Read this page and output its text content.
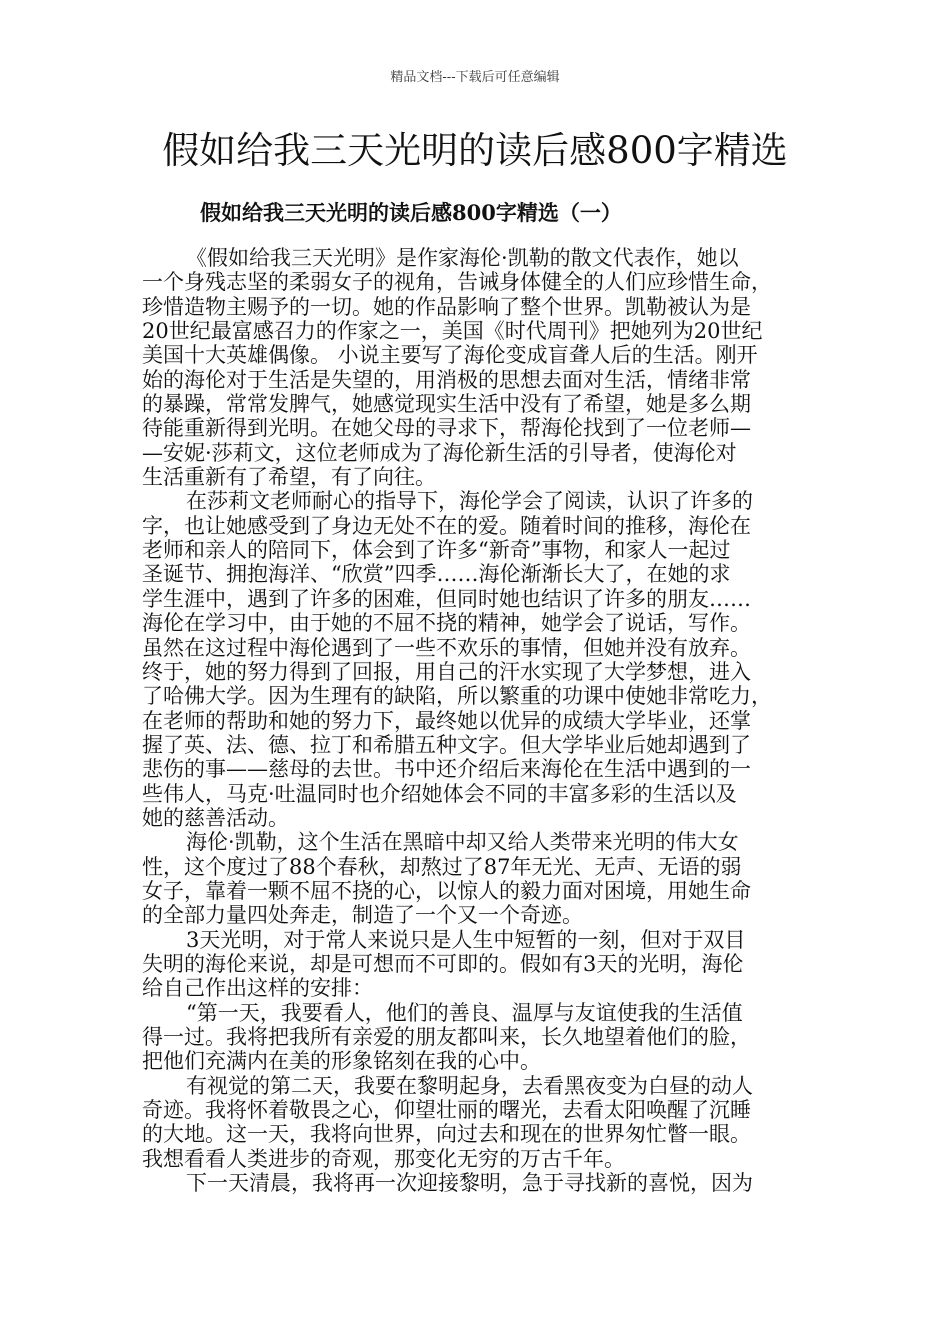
精品文档---下载后可任意编辑
假如给我三天光明的读后感800字精选
假如给我三天光明的读后感800字精选（一）

《假如给我三天光明》是作家海伦·凯勒的散文代表作，她以
一个身残志坚的柔弱女子的视角，告诫身体健全的人们应珍惜生命，
珍惜造物主赐予的一切。她的作品影响了整个世界。凯勒被认为是
20世纪最富感召力的作家之一，美国《时代周刊》把她列为20世纪
美国十大英雄偶像。 小说主要写了海伦变成盲聋人后的生活。刚开
始的海伦对于生活是失望的，用消极的思想去面对生活，情绪非常
的暴躁，常常发脾气，她感觉现实生活中没有了希望，她是多么期
待能重新得到光明。在她父母的寻求下，帮海伦找到了一位老师—
—安妮·莎莉文，这位老师成为了海伦新生活的引导者，使海伦对
生活重新有了希望，有了向往。

在莎莉文老师耐心的指导下，海伦学会了阅读，认识了许多的
字，也让她感受到了身边无处不在的爱。随着时间的推移，海伦在
老师和亲人的陪同下，体会到了许多“新奇”事物，和家人一起过
圣诞节、拥抱海洋、“欣赏”四季……海伦渐渐长大了，在她的求
学生涯中，遇到了许多的困难，但同时她也结识了许多的朋友……
海伦在学习中，由于她的不屈不挠的精神，她学会了说话，写作。
虽然在这过程中海伦遇到了一些不欢乐的事情，但她并没有放弃。
终于，她的努力得到了回报，用自己的汗水实现了大学梦想，进入
了哈佛大学。因为生理有的缺陷，所以繁重的功课中使她非常吃力，
在老师的帮助和她的努力下，最终她以优异的成绩大学毕业，还掌
握了英、法、德、拉丁和希腊五种文字。但大学毕业后她却遇到了
悲伤的事——慈母的去世。书中还介绍后来海伦在生活中遇到的一
些伟人，马克·吐温同时也介绍她体会不同的丰富多彩的生活以及
她的慈善活动。

海伦·凯勒，这个生活在黑暗中却又给人类带来光明的伟大女
性，这个度过了88个春秋，却熬过了87年无光、无声、无语的弱
女子，靠着一颗不屈不挠的心，以惊人的毅力面对困境，用她生命
的全部力量四处奔走，制造了一个又一个奇迹。

3天光明，对于常人来说只是人生中短暂的一刻，但对于双目
失明的海伦来说，却是可想而不可即的。假如有3天的光明，海伦
给自己作出这样的安排：

“第一天，我要看人，他们的善良、温厚与友谊使我的生活值
得一过。我将把我所有亲爱的朋友都叫来，长久地望着他们的脸，
把他们充满内在美的形象铭刻在我的心中。

有视觉的第二天，我要在黎明起身，去看黑夜变为白昼的动人
奇迹。我将怀着敬畏之心，仰望壮丽的曙光，去看太阳唤醒了沉睡
的大地。这一天，我将向世界，向过去和现在的世界匆忙瞥一眼。
我想看看人类进步的奇观，那变化无穷的万古千年。

下一天清晨，我将再一次迎接黎明，急于寻找新的喜悦，因为
